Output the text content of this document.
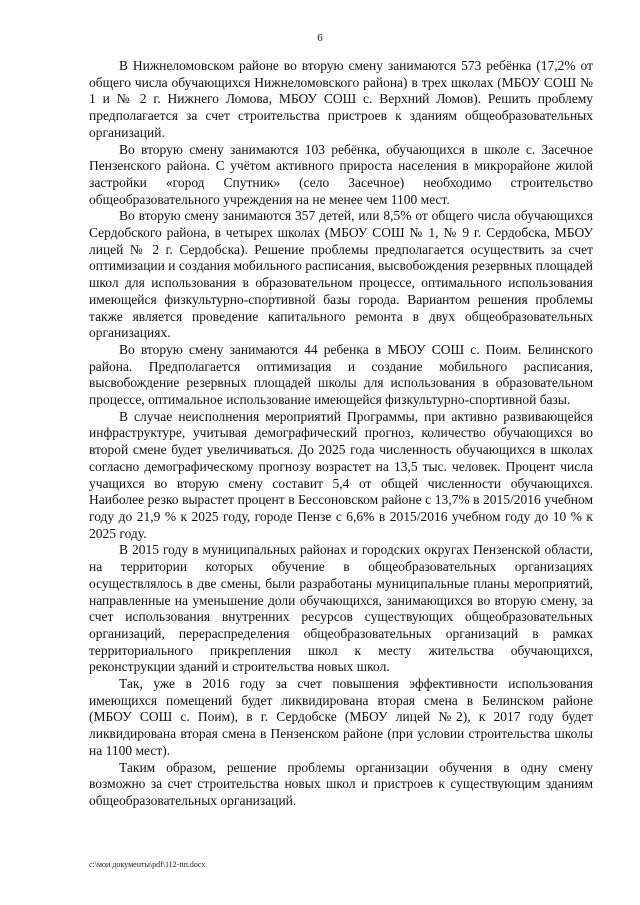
6

В Нижнеломовском районе во вторую смену занимаются 573 ребёнка (17,2% от общего числа обучающихся Нижнеломовского района) в трех школах (МБОУ СОШ № 1 и № 2 г. Нижнего Ломова, МБОУ СОШ с. Верхний Ломов). Решить проблему предполагается за счет строительства пристроев к зданиям общеобразовательных организаций.

Во вторую смену занимаются 103 ребёнка, обучающихся в школе с. Засечное Пензенского района. С учётом активного прироста населения в микрорайоне жилой застройки «город Спутник» (село Засечное) необходимо строительство общеобразовательного учреждения на не менее чем 1100 мест.

Во вторую смену занимаются 357 детей, или 8,5% от общего числа обучающихся Сердобского района, в четырех школах (МБОУ СОШ № 1, № 9 г. Сердобска, МБОУ лицей № 2 г. Сердобска). Решение проблемы предполагается осуществить за счет оптимизации и создания мобильного расписания, высвобождения резервных площадей школ для использования в образовательном процессе, оптимального использования имеющейся физкультурно-спортивной базы города. Вариантом решения проблемы также является проведение капитального ремонта в двух общеобразовательных организациях.

Во вторую смену занимаются 44 ребенка в МБОУ СОШ с. Поим. Белинского района. Предполагается оптимизация и создание мобильного расписания, высвобождение резервных площадей школы для использования в образовательном процессе, оптимальное использование имеющейся физкультурно-спортивной базы.

В случае неисполнения мероприятий Программы, при активно развивающейся инфраструктуре, учитывая демографический прогноз, количество обучающихся во второй смене будет увеличиваться. До 2025 года численность обучающихся в школах согласно демографическому прогнозу возрастет на 13,5 тыс. человек. Процент числа учащихся во вторую смену составит 5,4 от общей численности обучающихся. Наиболее резко вырастет процент в Бессоновском районе с 13,7% в 2015/2016 учебном году до 21,9 % к 2025 году, городе Пензе с 6,6% в 2015/2016 учебном году до 10 % к 2025 году.

В 2015 году в муниципальных районах и городских округах Пензенской области, на территории которых обучение в общеобразовательных организациях осуществлялось в две смены, были разработаны муниципальные планы мероприятий, направленные на уменьшение доли обучающихся, занимающихся во вторую смену, за счет использования внутренних ресурсов существующих общеобразовательных организаций, перераспределения общеобразовательных организаций в рамках территориального прикрепления школ к месту жительства обучающихся, реконструкции зданий и строительства новых школ.

Так, уже в 2016 году за счет повышения эффективности использования имеющихся помещений будет ликвидирована вторая смена в Белинском районе (МБОУ СОШ с. Поим), в г. Сердобске (МБОУ лицей №2), к 2017 году будет ликвидирована вторая смена в Пензенском районе (при условии строительства школы на 1100 мест).

Таким образом, решение проблемы организации обучения в одну смену возможно за счет строительства новых школ и пристроев к существующим зданиям общеобразовательных организаций.

c:\мои документы\pdf\112-пп.docx
